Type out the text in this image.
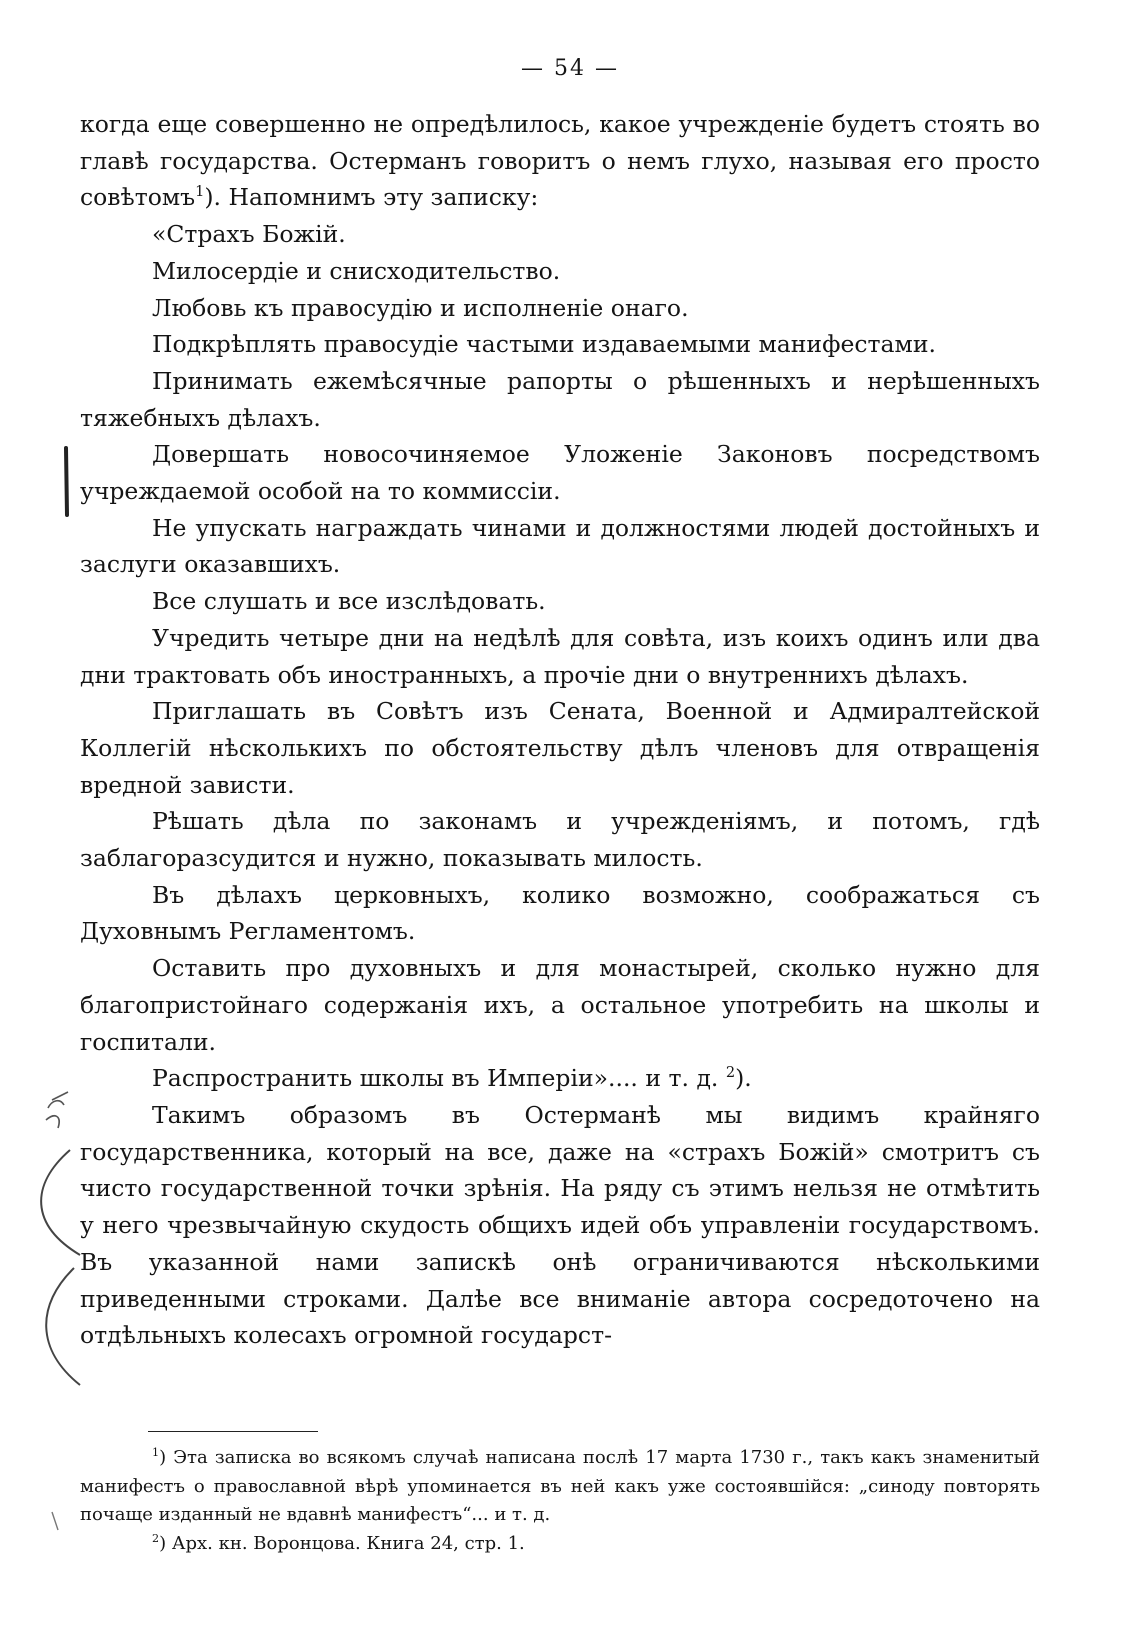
— 54 —

когда еще совершенно не опредѣлилось, какое учрежденіе будетъ стоять во главѣ государства. Остерманъ говоритъ о немъ глухо, называя его просто совѣтомъ$^1$). Напомнимъ эту записку:

«Страхъ Божій.

Милосердіе и снисходительство.

Любовь къ правосудію и исполненіе онаго.

Подкрѣплять правосудіе частыми издаваемыми манифестами.

Принимать ежемѣсячные рапорты о рѣшенныхъ и нерѣшенныхъ тяжебныхъ дѣлахъ.

Довершать новосочиняемое Уложеніе Законовъ посредствомъ учреждаемой особой на то коммиссіи.

Не упускать награждать чинами и должностями людей достойныхъ и заслуги оказавшихъ.

Все слушать и все изслѣдовать.

Учредить четыре дни на недѣлѣ для совѣта, изъ коихъ одинъ или два дни трактовать объ иностранныхъ, а прочіе дни о внутреннихъ дѣлахъ.

Приглашать въ Совѣтъ изъ Сената, Военной и Адмиралтейской Коллегій нѣсколькихъ по обстоятельству дѣлъ членовъ для отвращенія вредной зависти.

Рѣшать дѣла по законамъ и учрежденіямъ, и потомъ, гдѣ заблагоразсудится и нужно, показывать милость.

Въ дѣлахъ церковныхъ, колико возможно, соображаться съ Духовнымъ Регламентомъ.

Оставить про духовныхъ и для монастырей, сколько нужно для благопристойнаго содержанія ихъ, а остальное употребить на школы и госпитали.

Распространить школы въ Имперіи».... и т. д. $^2$).

Такимъ образомъ въ Остерманѣ мы видимъ крайняго государственника, который на все, даже на «страхъ Божій» смотритъ съ чисто государственной точки зрѣнія. На ряду съ этимъ нельзя не отмѣтить у него чрезвычайную скудость общихъ идей объ управленіи государствомъ. Въ указанной нами запискѣ онѣ ограничиваются нѣсколькими приведенными строками. Далѣе все вниманіе автора сосредоточено на отдѣльныхъ колесахъ огромной государст-

$^1$) Эта записка во всякомъ случаѣ написана послѣ 17 марта 1730 г., такъ какъ знаменитый манифестъ о православной вѣрѣ упоминается въ ней какъ уже состоявшійся: „синоду повторять почаще изданный не вдавнѣ манифестъ“... и т. д.

$^2$) Арх. кн. Воронцова. Книга 24, стр. 1.
